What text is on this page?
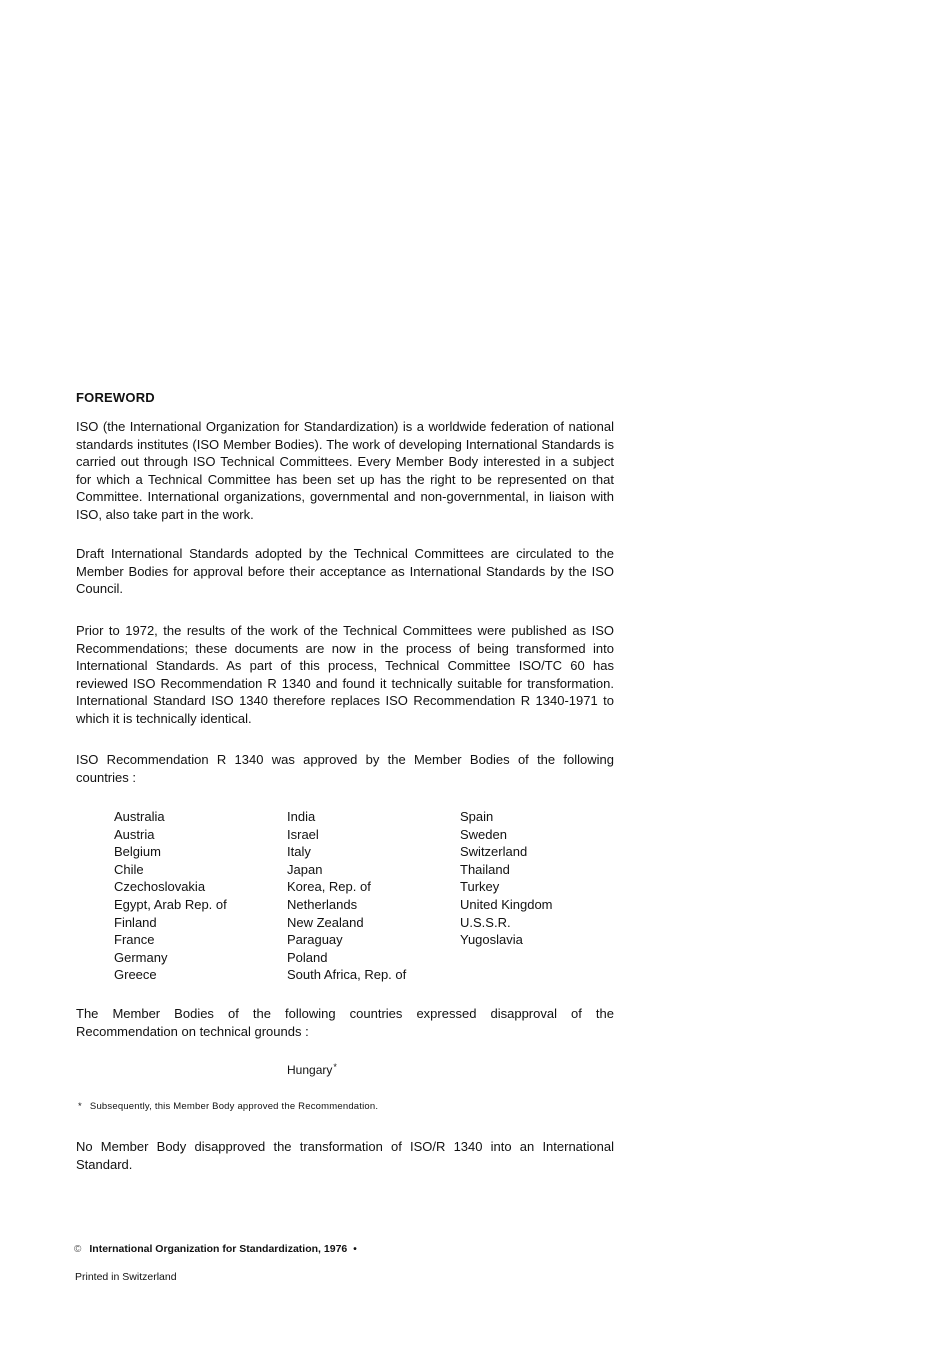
FOREWORD

ISO (the International Organization for Standardization) is a worldwide federation of national standards institutes (ISO Member Bodies). The work of developing International Standards is carried out through ISO Technical Committees. Every Member Body interested in a subject for which a Technical Committee has been set up has the right to be represented on that Committee. International organizations, governmental and non-governmental, in liaison with ISO, also take part in the work.

Draft International Standards adopted by the Technical Committees are circulated to the Member Bodies for approval before their acceptance as International Standards by the ISO Council.

Prior to 1972, the results of the work of the Technical Committees were published as ISO Recommendations; these documents are now in the process of being transformed into International Standards. As part of this process, Technical Committee ISO/TC 60 has reviewed ISO Recommendation R 1340 and found it technically suitable for transformation. International Standard ISO 1340 therefore replaces ISO Recommendation R 1340-1971 to which it is technically identical.

ISO Recommendation R 1340 was approved by the Member Bodies of the following countries :

Australia
Austria
Belgium
Chile
Czechoslovakia
Egypt, Arab Rep. of
Finland
France
Germany
Greece
India
Israel
Italy
Japan
Korea, Rep. of
Netherlands
New Zealand
Paraguay
Poland
South Africa, Rep. of
Spain
Sweden
Switzerland
Thailand
Turkey
United Kingdom
U.S.S.R.
Yugoslavia

The Member Bodies of the following countries expressed disapproval of the Recommendation on technical grounds :

Hungary*
* Subsequently, this Member Body approved the Recommendation.

No Member Body disapproved the transformation of ISO/R 1340 into an International Standard.

© International Organization for Standardization, 1976 •
Printed in Switzerland
